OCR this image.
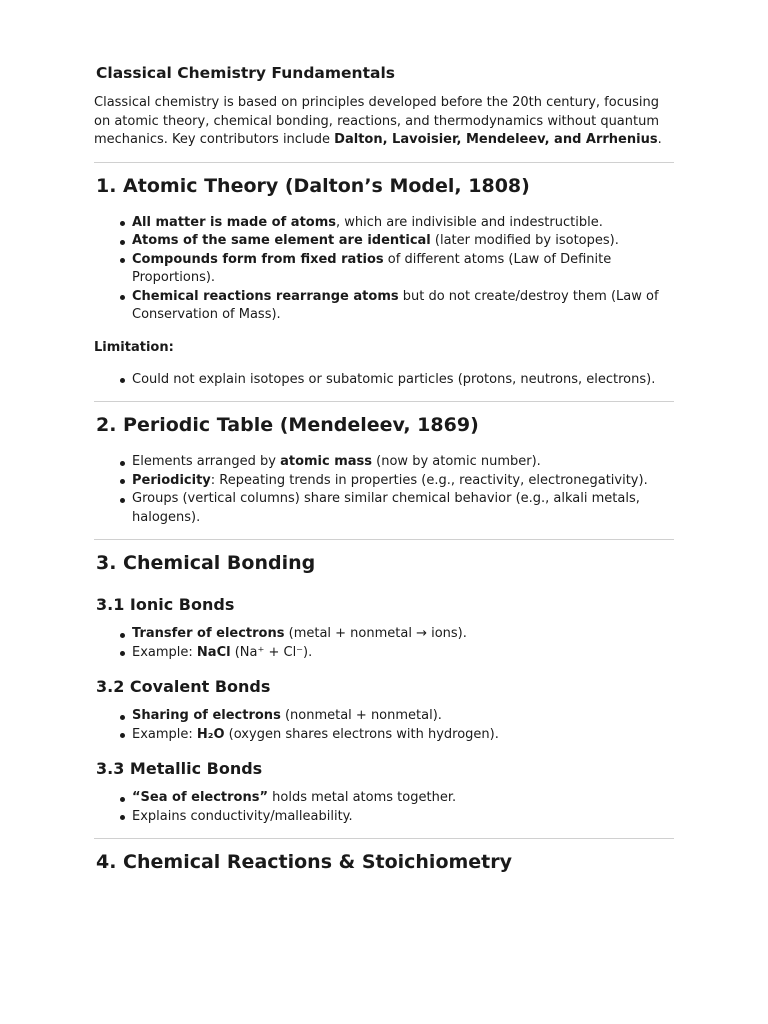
Classical Chemistry Fundamentals

Classical chemistry is based on principles developed before the 20th century, focusing on atomic theory, chemical bonding, reactions, and thermodynamics without quantum mechanics. Key contributors include Dalton, Lavoisier, Mendeleev, and Arrhenius.

1. Atomic Theory (Dalton’s Model, 1808)
All matter is made of atoms, which are indivisible and indestructible.
Atoms of the same element are identical (later modified by isotopes).
Compounds form from fixed ratios of different atoms (Law of Definite Proportions).
Chemical reactions rearrange atoms but do not create/destroy them (Law of Conservation of Mass).
Limitation:
Could not explain isotopes or subatomic particles (protons, neutrons, electrons).
2. Periodic Table (Mendeleev, 1869)
Elements arranged by atomic mass (now by atomic number).
Periodicity: Repeating trends in properties (e.g., reactivity, electronegativity).
Groups (vertical columns) share similar chemical behavior (e.g., alkali metals, halogens).
3. Chemical Bonding
3.1 Ionic Bonds
Transfer of electrons (metal + nonmetal → ions).
Example: NaCl (Na⁺ + Cl⁻).
3.2 Covalent Bonds
Sharing of electrons (nonmetal + nonmetal).
Example: H₂O (oxygen shares electrons with hydrogen).
3.3 Metallic Bonds
“Sea of electrons” holds metal atoms together.
Explains conductivity/malleability.
4. Chemical Reactions & Stoichiometry
